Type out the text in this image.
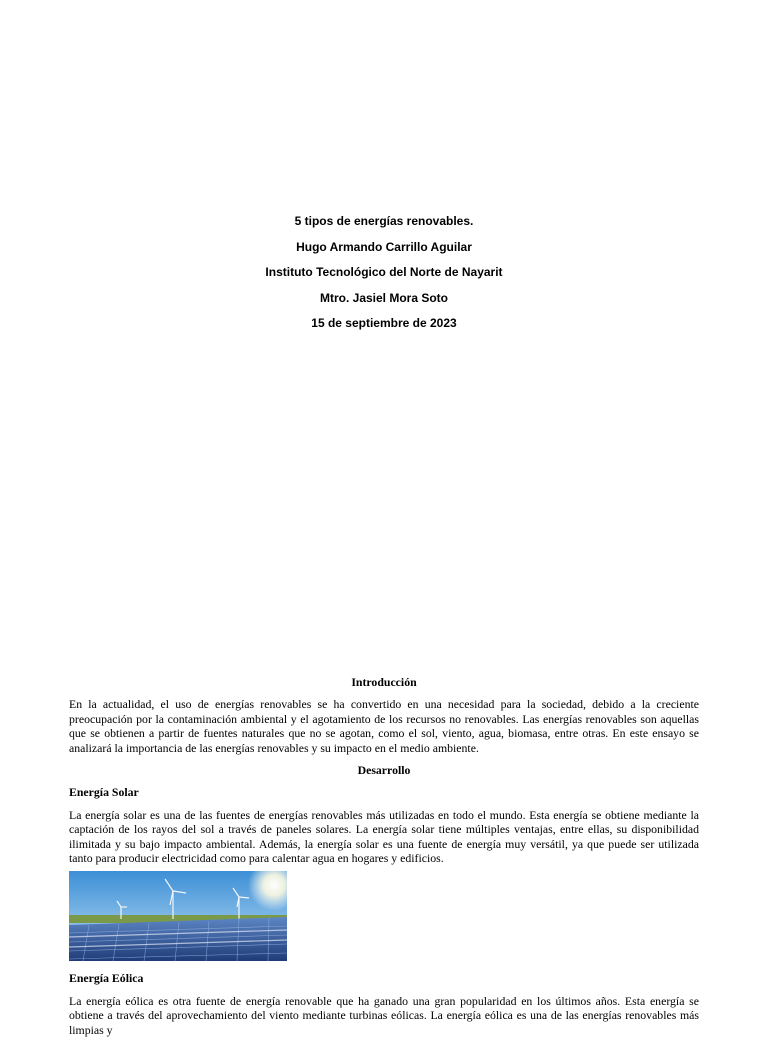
5 tipos de energías renovables.
Hugo Armando Carrillo Aguilar
Instituto Tecnológico del Norte de Nayarit
Mtro. Jasiel Mora Soto
15 de septiembre de 2023
Introducción

En la actualidad, el uso de energías renovables se ha convertido en una necesidad para la sociedad, debido a la creciente preocupación por la contaminación ambiental y el agotamiento de los recursos no renovables. Las energías renovables son aquellas que se obtienen a partir de fuentes naturales que no se agotan, como el sol, viento, agua, biomasa, entre otras. En este ensayo se analizará la importancia de las energías renovables y su impacto en el medio ambiente.

Desarrollo
Energía Solar

La energía solar es una de las fuentes de energías renovables más utilizadas en todo el mundo. Esta energía se obtiene mediante la captación de los rayos del sol a través de paneles solares. La energía solar tiene múltiples ventajas, entre ellas, su disponibilidad ilimitada y su bajo impacto ambiental. Además, la energía solar es una fuente de energía muy versátil, ya que puede ser utilizada tanto para producir electricidad como para calentar agua en hogares y edificios.

Energía Eólica

La energía eólica es otra fuente de energía renovable que ha ganado una gran popularidad en los últimos años. Esta energía se obtiene a través del aprovechamiento del viento mediante turbinas eólicas. La energía eólica es una de las energías renovables más limpias y
